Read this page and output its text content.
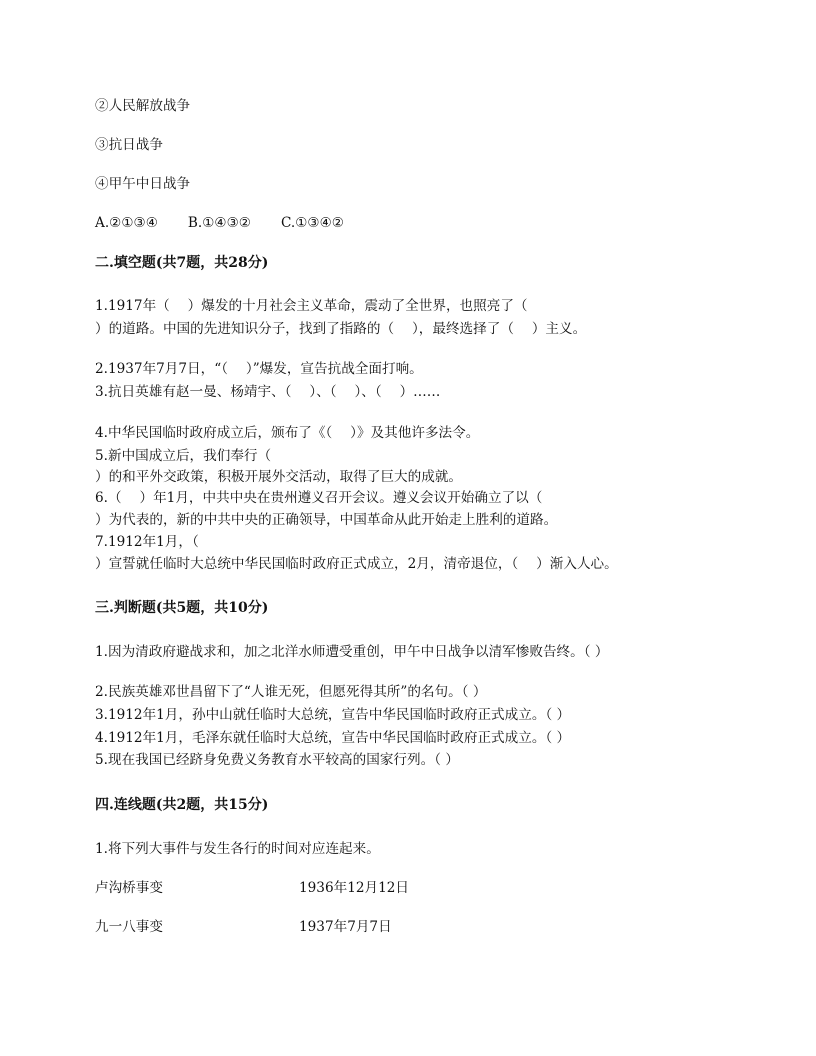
②人民解放战争

③抗日战争

④甲午中日战争

A.②①③④ B.①④③② C.①③④②

二.填空题(共7题，共28分)

1.1917年（　 ）爆发的十月社会主义革命，震动了全世界，也照亮了（

）的道路。中国的先进知识分子，找到了指路的（　 ），最终选择了（　 ）主义。

2.1937年7月7日，“（　 ）”爆发，宣告抗战全面打响。

3.抗日英雄有赵一曼、杨靖宇、（　 ）、（　 ）、（　 ）……

4.中华民国临时政府成立后，颁布了《（　 ）》及其他许多法令。

5.新中国成立后，我们奉行（

）的和平外交政策，积极开展外交活动，取得了巨大的成就。

6.（　 ）年1月，中共中央在贵州遵义召开会议。遵义会议开始确立了以（

）为代表的，新的中共中央的正确领导，中国革命从此开始走上胜利的道路。

7.1912年1月，（

）宣誓就任临时大总统中华民国临时政府正式成立，2月，清帝退位，（　 ）渐入人心。

三.判断题(共5题，共10分)

1.因为清政府避战求和，加之北洋水师遭受重创，甲午中日战争以清军惨败告终。（ ）

2.民族英雄邓世昌留下了“人谁无死，但愿死得其所”的名句。（ ）

3.1912年1月，孙中山就任临时大总统，宣告中华民国临时政府正式成立。（ ）

4.1912年1月，毛泽东就任临时大总统，宣告中华民国临时政府正式成立。（ ）

5.现在我国已经跻身免费义务教育水平较高的国家行列。（ ）

四.连线题(共2题，共15分)

1.将下列大事件与发生各行的时间对应连起来。

卢沟桥事变	1936年12月12日

九一八事变	1937年7月7日
